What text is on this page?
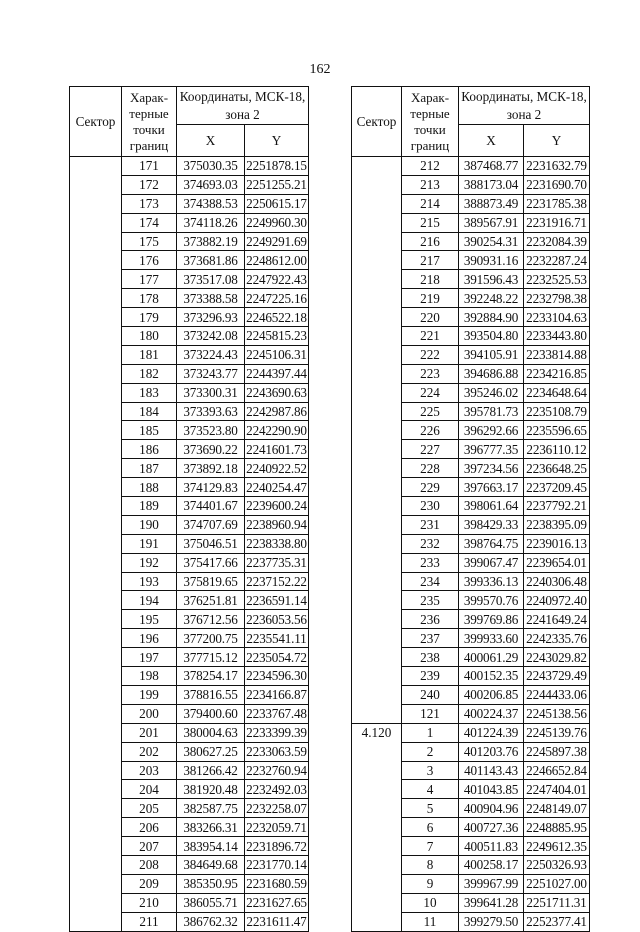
162
Сектор	Харак- терные точки границ	Координаты, МСК-18, зона 2	
		X	Y
	171	375030.35	2251878.15
	172	374693.03	2251255.21
	173	374388.53	2250615.17
	174	374118.26	2249960.30
	175	373882.19	2249291.69
	176	373681.86	2248612.00
	177	373517.08	2247922.43
	178	373388.58	2247225.16
	179	373296.93	2246522.18
	180	373242.08	2245815.23
	181	373224.43	2245106.31
	182	373243.77	2244397.44
	183	373300.31	2243690.63
	184	373393.63	2242987.86
	185	373523.80	2242290.90
	186	373690.22	2241601.73
	187	373892.18	2240922.52
	188	374129.83	2240254.47
	189	374401.67	2239600.24
	190	374707.69	2238960.94
	191	375046.51	2238338.80
	192	375417.66	2237735.31
	193	375819.65	2237152.22
	194	376251.81	2236591.14
	195	376712.56	2236053.56
	196	377200.75	2235541.11
	197	377715.12	2235054.72
	198	378254.17	2234596.30
	199	378816.55	2234166.87
	200	379400.60	2233767.48
	201	380004.63	2233399.39
	202	380627.25	2233063.59
	203	381266.42	2232760.94
	204	381920.48	2232492.03
	205	382587.75	2232258.07
	206	383266.31	2232059.71
	207	383954.14	2231896.72
	208	384649.68	2231770.14
	209	385350.95	2231680.59
	210	386055.71	2231627.65
	211	386762.32	2231611.47
Сектор	Харак- терные точки границ	Координаты, МСК-18, зона 2	
		X	Y
	212	387468.77	2231632.79
	213	388173.04	2231690.70
	214	388873.49	2231785.38
	215	389567.91	2231916.71
	216	390254.31	2232084.39
	217	390931.16	2232287.24
	218	391596.43	2232525.53
	219	392248.22	2232798.38
	220	392884.90	2233104.63
	221	393504.80	2233443.80
	222	394105.91	2233814.88
	223	394686.88	2234216.85
	224	395246.02	2234648.64
	225	395781.73	2235108.79
	226	396292.66	2235596.65
	227	396777.35	2236110.12
	228	397234.56	2236648.25
	229	397663.17	2237209.45
	230	398061.64	2237792.21
	231	398429.33	2238395.09
	232	398764.75	2239016.13
	233	399067.47	2239654.01
	234	399336.13	2240306.48
	235	399570.76	2240972.40
	236	399769.86	2241649.24
	237	399933.60	2242335.76
	238	400061.29	2243029.82
	239	400152.35	2243729.49
	240	400206.85	2244433.06
	121	400224.37	2245138.56
4.120	1	401224.39	2245139.76
	2	401203.76	2245897.38
	3	401143.43	2246652.84
	4	401043.85	2247404.01
	5	400904.96	2248149.07
	6	400727.36	2248885.95
	7	400511.83	2249612.35
	8	400258.17	2250326.93
	9	399967.99	2251027.00
	10	399641.28	2251711.31
	11	399279.50	2252377.41
